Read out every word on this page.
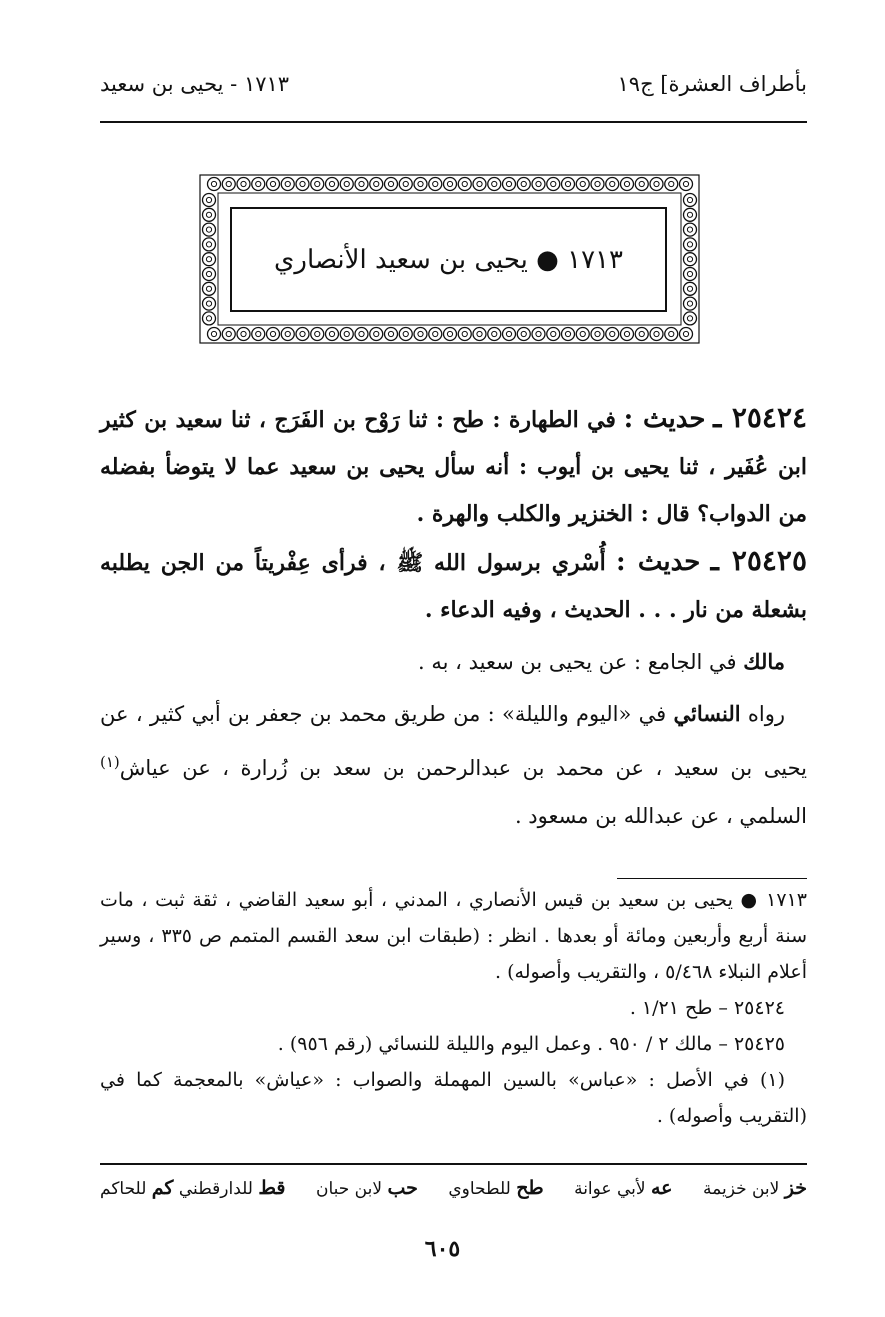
بأطراف العشرة] ج١٩
١٧١٣ - يحيى بن سعيد
١٧١٣ ● يحيى بن سعيد الأنصاري

٢٥٤٢٤ ـ حديث : في الطهارة : طح : ثنا رَوْح بن الفَرَج ، ثنا سعيد بن كثير ابن عُفَير ، ثنا يحيى بن أيوب : أنه سأل يحيى بن سعيد عما لا يتوضأ بفضله من الدواب؟ قال : الخنزير والكلب والهرة .

٢٥٤٢٥ ـ حديث : أُسْري برسول الله ﷺ ، فرأى عِفْريتاً من الجن يطلبه بشعلة من نار . . . الحديث ، وفيه الدعاء .

مالك في الجامع : عن يحيى بن سعيد ، به .

رواه النسائي في «اليوم والليلة» : من طريق محمد بن جعفر بن أبي كثير ، عن يحيى بن سعيد ، عن محمد بن عبدالرحمن بن سعد بن زُرارة ، عن عياش$^{(١)}$ السلمي ، عن عبدالله بن مسعود .

١٧١٣ ● يحيى بن سعيد بن قيس الأنصاري ، المدني ، أبو سعيد القاضي ، ثقة ثبت ، مات سنة أربع وأربعين ومائة أو بعدها . انظر : (طبقات ابن سعد القسم المتمم ص ٣٣٥ ، وسير أعلام النبلاء ٥/٤٦٨ ، والتقريب وأصوله) .

٢٥٤٢٤ – طح ١/٢١ .

٢٥٤٢٥ – مالك ٢ / ٩٥٠ . وعمل اليوم والليلة للنسائي (رقم ٩٥٦) .

(١) في الأصل : «عباس» بالسين المهملة والصواب : «عياش» بالمعجمة كما في (التقريب وأصوله) .

خز لابن خزيمة
عه لأبي عوانة
طح للطحاوي
حب لابن حبان
قط للدارقطني كم للحاكم
٦٠٥
